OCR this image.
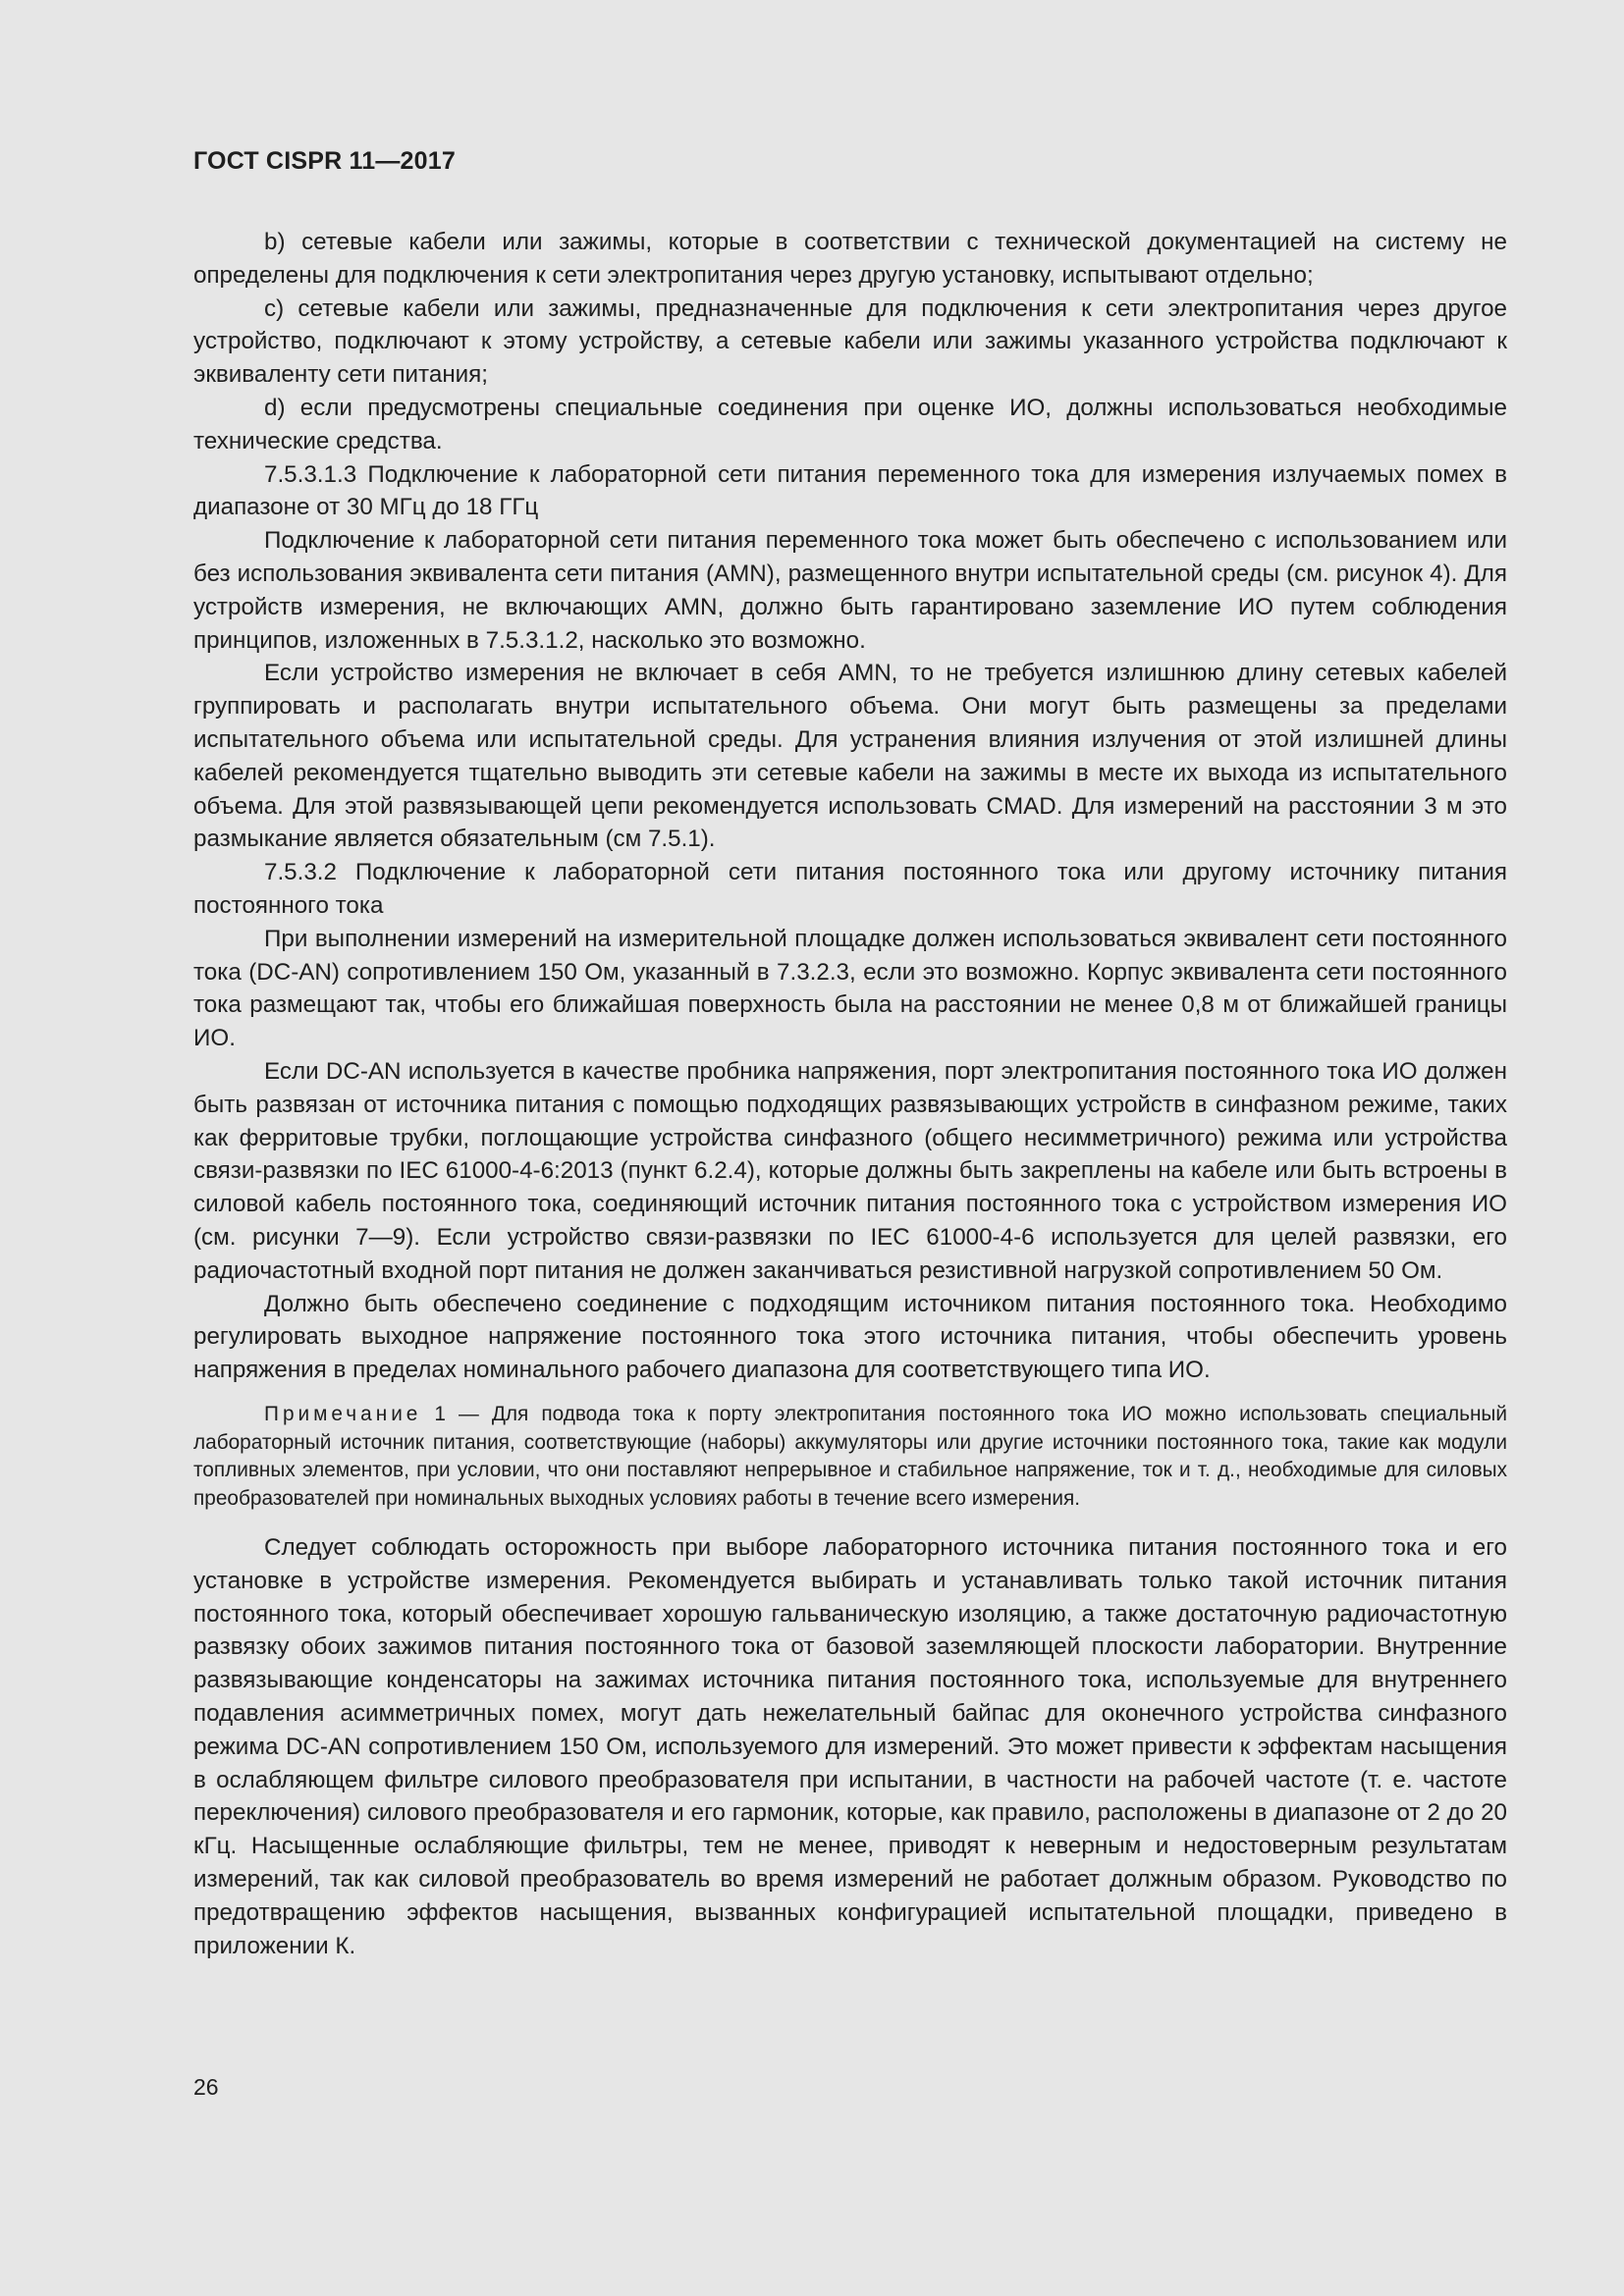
ГОСТ CISPR 11—2017

b) сетевые кабели или зажимы, которые в соответствии с технической документацией на систему не определены для подключения к сети электропитания через другую установку, испытывают отдельно;

c) сетевые кабели или зажимы, предназначенные для подключения к сети электропитания через другое устройство, подключают к этому устройству, а сетевые кабели или зажимы указанного устройства подключают к эквиваленту сети питания;

d) если предусмотрены специальные соединения при оценке ИО, должны использоваться необходимые технические средства.

7.5.3.1.3 Подключение к лабораторной сети питания переменного тока для измерения излучаемых помех в диапазоне от 30 МГц до 18 ГГц

Подключение к лабораторной сети питания переменного тока может быть обеспечено с использованием или без использования эквивалента сети питания (AMN), размещенного внутри испытательной среды (см. рисунок 4). Для устройств измерения, не включающих AMN, должно быть гарантировано заземление ИО путем соблюдения принципов, изложенных в 7.5.3.1.2, насколько это возможно.

Если устройство измерения не включает в себя AMN, то не требуется излишнюю длину сетевых кабелей группировать и располагать внутри испытательного объема. Они могут быть размещены за пределами испытательного объема или испытательной среды. Для устранения влияния излучения от этой излишней длины кабелей рекомендуется тщательно выводить эти сетевые кабели на зажимы в месте их выхода из испытательного объема. Для этой развязывающей цепи рекомендуется использовать CMAD. Для измерений на расстоянии 3 м это размыкание является обязательным (см 7.5.1).

7.5.3.2 Подключение к лабораторной сети питания постоянного тока или другому источнику питания постоянного тока

При выполнении измерений на измерительной площадке должен использоваться эквивалент сети постоянного тока (DC-AN) сопротивлением 150 Ом, указанный в 7.3.2.3, если это возможно. Корпус эквивалента сети постоянного тока размещают так, чтобы его ближайшая поверхность была на расстоянии не менее 0,8 м от ближайшей границы ИО.

Если DC-AN используется в качестве пробника напряжения, порт электропитания постоянного тока ИО должен быть развязан от источника питания с помощью подходящих развязывающих устройств в синфазном режиме, таких как ферритовые трубки, поглощающие устройства синфазного (общего несимметричного) режима или устройства связи-развязки по IEC 61000-4-6:2013 (пункт 6.2.4), которые должны быть закреплены на кабеле или быть встроены в силовой кабель постоянного тока, соединяющий источник питания постоянного тока с устройством измерения ИО (см. рисунки 7—9). Если устройство связи-развязки по IEC 61000-4-6 используется для целей развязки, его радиочастотный входной порт питания не должен заканчиваться резистивной нагрузкой сопротивлением 50 Ом.

Должно быть обеспечено соединение с подходящим источником питания постоянного тока. Необходимо регулировать выходное напряжение постоянного тока этого источника питания, чтобы обеспечить уровень напряжения в пределах номинального рабочего диапазона для соответствующего типа ИО.

Примечание 1 — Для подвода тока к порту электропитания постоянного тока ИО можно использовать специальный лабораторный источник питания, соответствующие (наборы) аккумуляторы или другие источники постоянного тока, такие как модули топливных элементов, при условии, что они поставляют непрерывное и стабильное напряжение, ток и т. д., необходимые для силовых преобразователей при номинальных выходных условиях работы в течение всего измерения.

Следует соблюдать осторожность при выборе лабораторного источника питания постоянного тока и его установке в устройстве измерения. Рекомендуется выбирать и устанавливать только такой источник питания постоянного тока, который обеспечивает хорошую гальваническую изоляцию, а также достаточную радиочастотную развязку обоих зажимов питания постоянного тока от базовой заземляющей плоскости лаборатории. Внутренние развязывающие конденсаторы на зажимах источника питания постоянного тока, используемые для внутреннего подавления асимметричных помех, могут дать нежелательный байпас для оконечного устройства синфазного режима DC-AN сопротивлением 150 Ом, используемого для измерений. Это может привести к эффектам насыщения в ослабляющем фильтре силового преобразователя при испытании, в частности на рабочей частоте (т. е. частоте переключения) силового преобразователя и его гармоник, которые, как правило, расположены в диапазоне от 2 до 20 кГц. Насыщенные ослабляющие фильтры, тем не менее, приводят к неверным и недостоверным результатам измерений, так как силовой преобразователь во время измерений не работает должным образом. Руководство по предотвращению эффектов насыщения, вызванных конфигурацией испытательной площадки, приведено в приложении К.

26
